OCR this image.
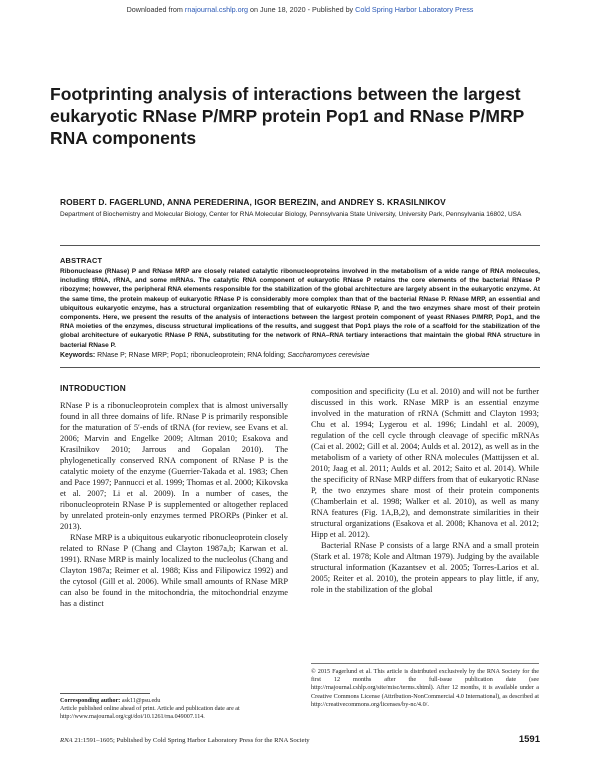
Downloaded from rnajournal.cshlp.org on June 18, 2020 - Published by Cold Spring Harbor Laboratory Press
Footprinting analysis of interactions between the largest eukaryotic RNase P/MRP protein Pop1 and RNase P/MRP RNA components
ROBERT D. FAGERLUND, ANNA PEREDERINA, IGOR BEREZIN, and ANDREY S. KRASILNIKOV
Department of Biochemistry and Molecular Biology, Center for RNA Molecular Biology, Pennsylvania State University, University Park, Pennsylvania 16802, USA
ABSTRACT

Ribonuclease (RNase) P and RNase MRP are closely related catalytic ribonucleoproteins involved in the metabolism of a wide range of RNA molecules, including tRNA, rRNA, and some mRNAs. The catalytic RNA component of eukaryotic RNase P retains the core elements of the bacterial RNase P ribozyme; however, the peripheral RNA elements responsible for the stabilization of the global architecture are largely absent in the eukaryotic enzyme. At the same time, the protein makeup of eukaryotic RNase P is considerably more complex than that of the bacterial RNase P. RNase MRP, an essential and ubiquitous eukaryotic enzyme, has a structural organization resembling that of eukaryotic RNase P, and the two enzymes share most of their protein components. Here, we present the results of the analysis of interactions between the largest protein component of yeast RNases P/MRP, Pop1, and the RNA moieties of the enzymes, discuss structural implications of the results, and suggest that Pop1 plays the role of a scaffold for the stabilization of the global architecture of eukaryotic RNase P RNA, substituting for the network of RNA–RNA tertiary interactions that maintain the global RNA structure in bacterial RNase P.

Keywords: RNase P; RNase MRP; Pop1; ribonucleoprotein; RNA folding; Saccharomyces cerevisiae
INTRODUCTION

RNase P is a ribonucleoprotein complex that is almost universally found in all three domains of life. RNase P is primarily responsible for the maturation of 5′-ends of tRNA (for review, see Evans et al. 2006; Marvin and Engelke 2009; Altman 2010; Esakova and Krasilnikov 2010; Jarrous and Gopalan 2010). The phylogenetically conserved RNA component of RNase P is the catalytic moiety of the enzyme (Guerrier-Takada et al. 1983; Chen and Pace 1997; Pannucci et al. 1999; Thomas et al. 2000; Kikovska et al. 2007; Li et al. 2009). In a number of cases, the ribonucleoprotein RNase P is supplemented or altogether replaced by unrelated protein-only enzymes termed PRORPs (Pinker et al. 2013).

RNase MRP is a ubiquitous eukaryotic ribonucleoprotein closely related to RNase P (Chang and Clayton 1987a,b; Karwan et al. 1991). RNase MRP is mainly localized to the nucleolus (Chang and Clayton 1987a; Reimer et al. 1988; Kiss and Filipowicz 1992) and the cytosol (Gill et al. 2006). While small amounts of RNase MRP can also be found in the mitochondria, the mitochondrial enzyme has a distinct

composition and specificity (Lu et al. 2010) and will not be further discussed in this work. RNase MRP is an essential enzyme involved in the maturation of rRNA (Schmitt and Clayton 1993; Chu et al. 1994; Lygerou et al. 1996; Lindahl et al. 2009), regulation of the cell cycle through cleavage of specific mRNAs (Cai et al. 2002; Gill et al. 2004; Aulds et al. 2012), as well as in the metabolism of a variety of other RNA molecules (Mattijssen et al. 2010; Jaag et al. 2011; Aulds et al. 2012; Saito et al. 2014). While the specificity of RNase MRP differs from that of eukaryotic RNase P, the two enzymes share most of their protein components (Chamberlain et al. 1998; Walker et al. 2010), as well as many RNA features (Fig. 1A,B,2), and demonstrate similarities in their structural organizations (Esakova et al. 2008; Khanova et al. 2012; Hipp et al. 2012).

Bacterial RNase P consists of a large RNA and a small protein (Stark et al. 1978; Kole and Altman 1979). Judging by the available structural information (Kazantsev et al. 2005; Torres-Larios et al. 2005; Reiter et al. 2010), the protein appears to play little, if any, role in the stabilization of the global

Corresponding author: ask11@psu.edu
Article published online ahead of print. Article and publication date are at http://www.rnajournal.org/cgi/doi/10.1261/rna.049007.114.

© 2015 Fagerlund et al. This article is distributed exclusively by the RNA Society for the first 12 months after the full-issue publication date (see http://rnajournal.cshlp.org/site/misc/terms.xhtml). After 12 months, it is available under a Creative Commons License (Attribution-NonCommercial 4.0 International), as described at http://creativecommons.org/licenses/by-nc/4.0/.

RNA 21:1591–1605; Published by Cold Spring Harbor Laboratory Press for the RNA Society	1591
